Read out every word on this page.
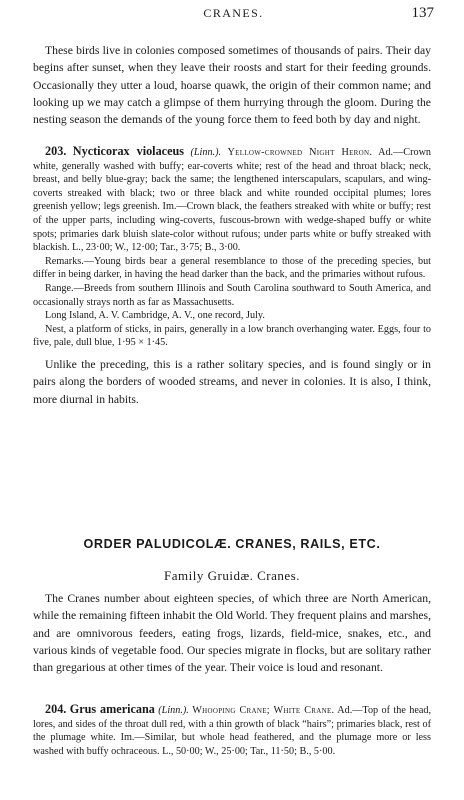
CRANES.	137

These birds live in colonies composed sometimes of thousands of pairs. Their day begins after sunset, when they leave their roosts and start for their feeding grounds. Occasionally they utter a loud, hoarse quawk, the origin of their common name; and looking up we may catch a glimpse of them hurrying through the gloom. During the nesting season the demands of the young force them to feed both by day and night.

203. Nycticorax violaceus (Linn.). Yellow-crowned Night Heron. Ad.—Crown white, generally washed with buffy; ear-coverts white; rest of the head and throat black; neck, breast, and belly blue-gray; back the same; the lengthened interscapulars, scapulars, and wing-coverts streaked with black; two or three black and white rounded occipital plumes; lores greenish yellow; legs greenish. Im.—Crown black, the feathers streaked with white or buffy; rest of the upper parts, including wing-coverts, fuscous-brown with wedge-shaped buffy or white spots; primaries dark bluish slate-color without rufous; under parts white or buffy streaked with blackish. L., 23·00; W., 12·00; Tar., 3·75; B., 3·00.

Remarks.—Young birds bear a general resemblance to those of the preceding species, but differ in being darker, in having the head darker than the back, and the primaries without rufous.

Range.—Breeds from southern Illinois and South Carolina southward to South America, and occasionally strays north as far as Massachusetts.

Long Island, A. V. Cambridge, A. V., one record, July.

Nest, a platform of sticks, in pairs, generally in a low branch overhanging water. Eggs, four to five, pale, dull blue, 1·95 × 1·45.

Unlike the preceding, this is a rather solitary species, and is found singly or in pairs along the borders of wooded streams, and never in colonies. It is also, I think, more diurnal in habits.

ORDER PALUDICOLÆ. CRANES, RAILS, ETC.
Family Gruidæ. Cranes.

The Cranes number about eighteen species, of which three are North American, while the remaining fifteen inhabit the Old World. They frequent plains and marshes, and are omnivorous feeders, eating frogs, lizards, field-mice, snakes, etc., and various kinds of vegetable food. Our species migrate in flocks, but are solitary rather than gregarious at other times of the year. Their voice is loud and resonant.

204. Grus americana (Linn.). Whooping Crane; White Crane. Ad.—Top of the head, lores, and sides of the throat dull red, with a thin growth of black “hairs”; primaries black, rest of the plumage white. Im.—Similar, but whole head feathered, and the plumage more or less washed with buffy ochraceous. L., 50·00; W., 25·00; Tar., 11·50; B., 5·00.
